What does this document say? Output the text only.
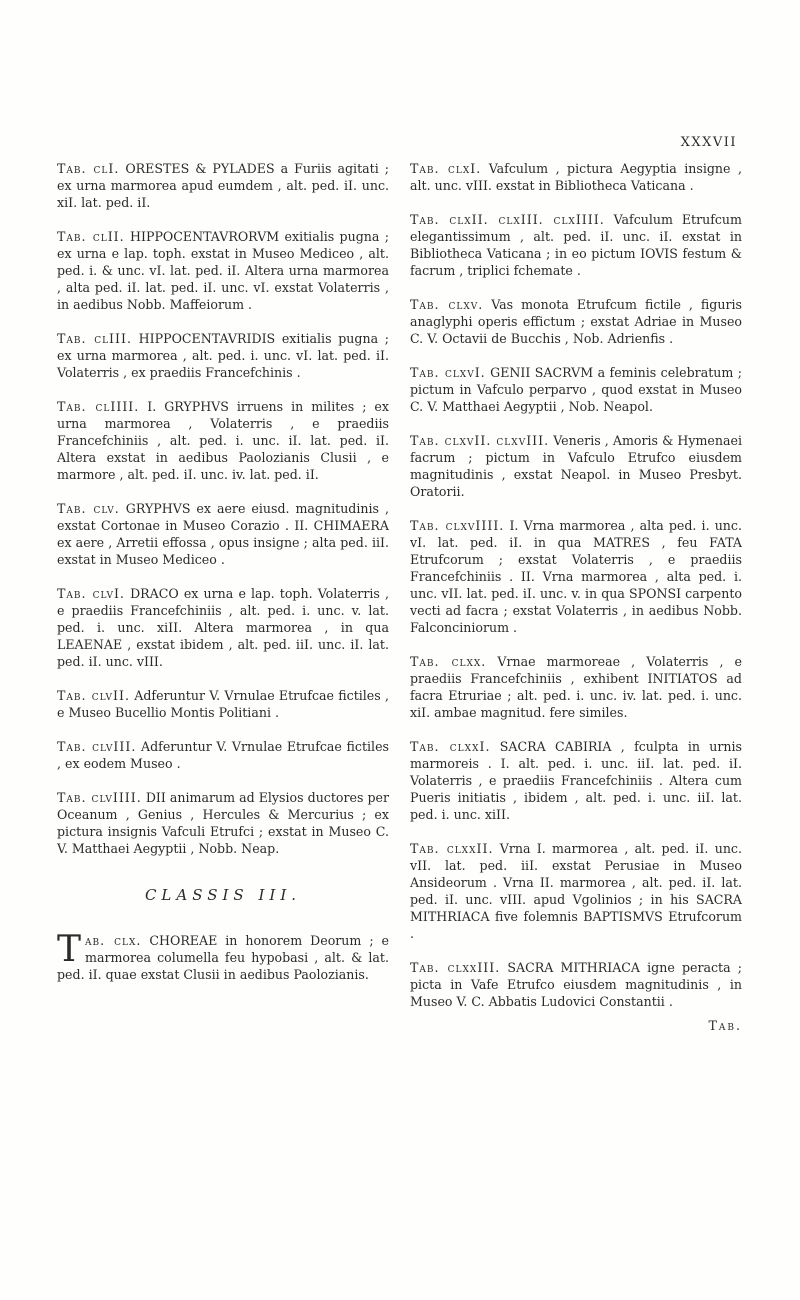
XXXVII

Tab. clI. ORESTES & PYLADES a Furiis agitati ; ex urna marmorea apud eumdem , alt. ped. iI. unc. xiI. lat. ped. iI.

Tab. clII. HIPPOCENTAVRORVM exitialis pugna ; ex urna e lap. toph. exstat in Museo Mediceo , alt. ped. i. & unc. vI. lat. ped. iI. Altera urna marmorea , alta ped. iI. lat. ped. iI. unc. vI. exstat Volaterris , in aedibus Nobb. Maffeiorum .

Tab. clIII. HIPPOCENTAVRIDIS exitialis pugna ; ex urna marmorea , alt. ped. i. unc. vI. lat. ped. iI. Volaterris , ex praediis Francefchinis .

Tab. clIIII. I. GRYPHVS irruens in milites ; ex urna marmorea , Volaterris , e praediis Francefchiniis , alt. ped. i. unc. iI. lat. ped. iI. Altera exstat in aedibus Paolozianis Clusii , e marmore , alt. ped. iI. unc. iv. lat. ped. iI.

Tab. clv. GRYPHVS ex aere eiusd. magnitudinis , exstat Cortonae in Museo Corazio . II. CHIMAERA ex aere , Arretii effossa , opus insigne ; alta ped. iiI. exstat in Museo Mediceo .

Tab. clvI. DRACO ex urna e lap. toph. Volaterris , e praediis Francefchiniis , alt. ped. i. unc. v. lat. ped. i. unc. xiII. Altera marmorea , in qua LEAENAE , exstat ibidem , alt. ped. iiI. unc. iI. lat. ped. iI. unc. vIII.

Tab. clvII. Adferuntur V. Vrnulae Etrufcae fictiles , e Museo Bucellio Montis Politiani .

Tab. clvIII. Adferuntur V. Vrnulae Etrufcae fictiles , ex eodem Museo .

Tab. clvIIII. DII animarum ad Elysios ductores per Oceanum , Genius , Hercules & Mercurius ; ex pictura insignis Vafculi Etrufci ; exstat in Museo C. V. Matthaei Aegyptii , Nobb. Neap.

CLASSIS III.

Tab. clx. CHOREAE in honorem Deorum ; e marmorea columella feu hypobasi , alt. & lat. ped. iI. quae exstat Clusii in aedibus Paolozianis.

Tab. clxI. Vafculum , pictura Aegyptia insigne , alt. unc. vIII. exstat in Bibliotheca Vaticana .

Tab. clxII. clxIII. clxIIII. Vafculum Etrufcum elegantissimum , alt. ped. iI. unc. iI. exstat in Bibliotheca Vaticana ; in eo pictum IOVIS festum & facrum , triplici fchemate .

Tab. clxv. Vas monota Etrufcum fictile , figuris anaglyphi operis effictum ; exstat Adriae in Museo C. V. Octavii de Bucchis , Nob. Adrienfis .

Tab. clxvI. GENII SACRVM a feminis celebratum ; pictum in Vafculo perparvo , quod exstat in Museo C. V. Matthaei Aegyptii , Nob. Neapol.

Tab. clxvII. clxvIII. Veneris , Amoris & Hymenaei facrum ; pictum in Vafculo Etrufco eiusdem magnitudinis , exstat Neapol. in Museo Presbyt. Oratorii.

Tab. clxvIIII. I. Vrna marmorea , alta ped. i. unc. vI. lat. ped. iI. in qua MATRES , feu FATA Etrufcorum ; exstat Volaterris , e praediis Francefchiniis . II. Vrna marmorea , alta ped. i. unc. vII. lat. ped. iI. unc. v. in qua SPONSI carpento vecti ad facra ; exstat Volaterris , in aedibus Nobb. Falconciniorum .

Tab. clxx. Vrnae marmoreae , Volaterris , e praediis Francefchiniis , exhibent INITIATOS ad facra Etruriae ; alt. ped. i. unc. iv. lat. ped. i. unc. xiI. ambae magnitud. fere similes.

Tab. clxxI. SACRA CABIRIA , fculpta in urnis marmoreis . I. alt. ped. i. unc. iiI. lat. ped. iI. Volaterris , e praediis Francefchiniis . Altera cum Pueris initiatis , ibidem , alt. ped. i. unc. iiI. lat. ped. i. unc. xiII.

Tab. clxxII. Vrna I. marmorea , alt. ped. iI. unc. vII. lat. ped. iiI. exstat Perusiae in Museo Ansideorum . Vrna II. marmorea , alt. ped. iI. lat. ped. iI. unc. vIII. apud Vgolinios ; in his SACRA MITHRIACA five folemnis BAPTISMVS Etrufcorum .

Tab. clxxIII. SACRA MITHRIACA igne peracta ; picta in Vafe Etrufco eiusdem magnitudinis , in Museo V. C. Abbatis Ludovici Constantii .

Tab.
